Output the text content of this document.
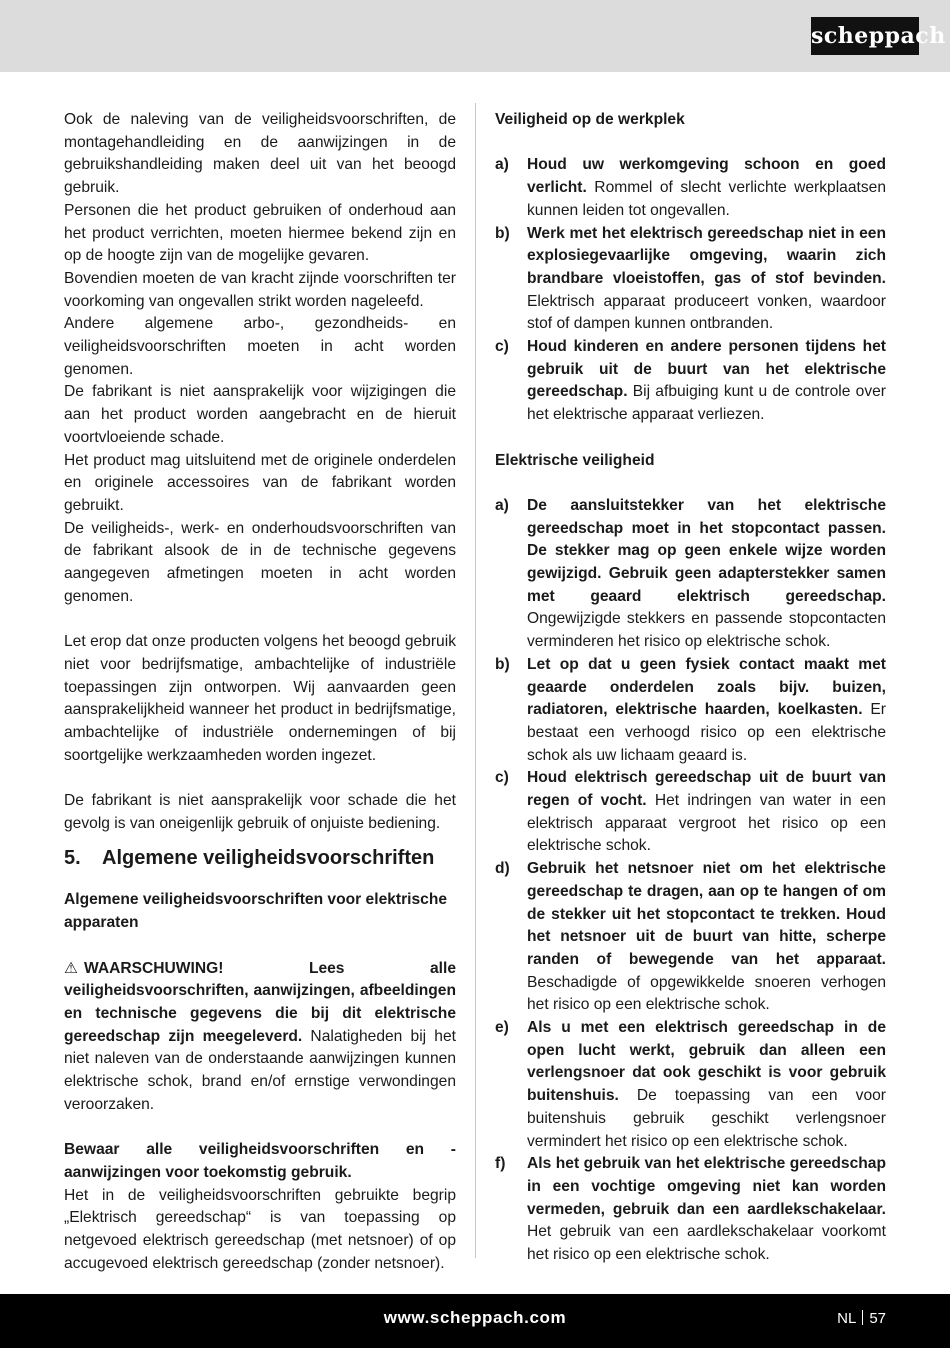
scheppach

Ook de naleving van de veiligheidsvoorschriften, de montagehandleiding en de aanwijzingen in de gebruikshandleiding maken deel uit van het beoogd gebruik.

Personen die het product gebruiken of onderhoud aan het product verrichten, moeten hiermee bekend zijn en op de hoogte zijn van de mogelijke gevaren.

Bovendien moeten de van kracht zijnde voorschriften ter voorkoming van ongevallen strikt worden nageleefd.

Andere algemene arbo-, gezondheids- en veiligheidsvoorschriften moeten in acht worden genomen.

De fabrikant is niet aansprakelijk voor wijzigingen die aan het product worden aangebracht en de hieruit voortvloeiende schade.

Het product mag uitsluitend met de originele onderdelen en originele accessoires van de fabrikant worden gebruikt.

De veiligheids-, werk- en onderhoudsvoorschriften van de fabrikant alsook de in de technische gegevens aangegeven afmetingen moeten in acht worden genomen.

Let erop dat onze producten volgens het beoogd gebruik niet voor bedrijfsmatige, ambachtelijke of industriële toepassingen zijn ontworpen. Wij aanvaarden geen aansprakelijkheid wanneer het product in bedrijfsmatige, ambachtelijke of industriële ondernemingen of bij soortgelijke werkzaamheden worden ingezet.

De fabrikant is niet aansprakelijk voor schade die het gevolg is van oneigenlijk gebruik of onjuiste bediening.

5. Algemene veiligheidsvoorschriften

Algemene veiligheidsvoorschriften voor elektrische apparaten

⚠ WAARSCHUWING! Lees alle veiligheidsvoorschriften, aanwijzingen, afbeeldingen en technische gegevens die bij dit elektrische gereedschap zijn meegeleverd. Nalatigheden bij het niet naleven van de onderstaande aanwijzingen kunnen elektrische schok, brand en/of ernstige verwondingen veroorzaken.

Bewaar alle veiligheidsvoorschriften en -aanwijzingen voor toekomstig gebruik.

Het in de veiligheidsvoorschriften gebruikte begrip „Elektrisch gereedschap“ is van toepassing op netgevoed elektrisch gereedschap (met netsnoer) of op accugevoed elektrisch gereedschap (zonder netsnoer).

Veiligheid op de werkplek

a) Houd uw werkomgeving schoon en goed verlicht. Rommel of slecht verlichte werkplaatsen kunnen leiden tot ongevallen.
b) Werk met het elektrisch gereedschap niet in een explosiegevaarlijke omgeving, waarin zich brandbare vloeistoffen, gas of stof bevinden. Elektrisch apparaat produceert vonken, waardoor stof of dampen kunnen ontbranden.
c) Houd kinderen en andere personen tijdens het gebruik uit de buurt van het elektrische gereedschap. Bij afbuiging kunt u de controle over het elektrische apparaat verliezen.

Elektrische veiligheid

a) De aansluitstekker van het elektrische gereedschap moet in het stopcontact passen. De stekker mag op geen enkele wijze worden gewijzigd. Gebruik geen adapterstekker samen met geaard elektrisch gereedschap. Ongewijzigde stekkers en passende stopcontacten verminderen het risico op elektrische schok.
b) Let op dat u geen fysiek contact maakt met geaarde onderdelen zoals bijv. buizen, radiatoren, elektrische haarden, koelkasten. Er bestaat een verhoogd risico op een elektrische schok als uw lichaam geaard is.
c) Houd elektrisch gereedschap uit de buurt van regen of vocht. Het indringen van water in een elektrisch apparaat vergroot het risico op een elektrische schok.
d) Gebruik het netsnoer niet om het elektrische gereedschap te dragen, aan op te hangen of om de stekker uit het stopcontact te trekken. Houd het netsnoer uit de buurt van hitte, scherpe randen of bewegende van het apparaat. Beschadigde of opgewikkelde snoeren verhogen het risico op een elektrische schok.
e) Als u met een elektrisch gereedschap in de open lucht werkt, gebruik dan alleen een verlengsnoer dat ook geschikt is voor gebruik buitenshuis. De toepassing van een voor buitenshuis gebruik geschikt verlengsnoer vermindert het risico op een elektrische schok.
f) Als het gebruik van het elektrische gereedschap in een vochtige omgeving niet kan worden vermeden, gebruik dan een aardlekschakelaar. Het gebruik van een aardlekschakelaar voorkomt het risico op een elektrische schok.
www.scheppach.com	NL 57
